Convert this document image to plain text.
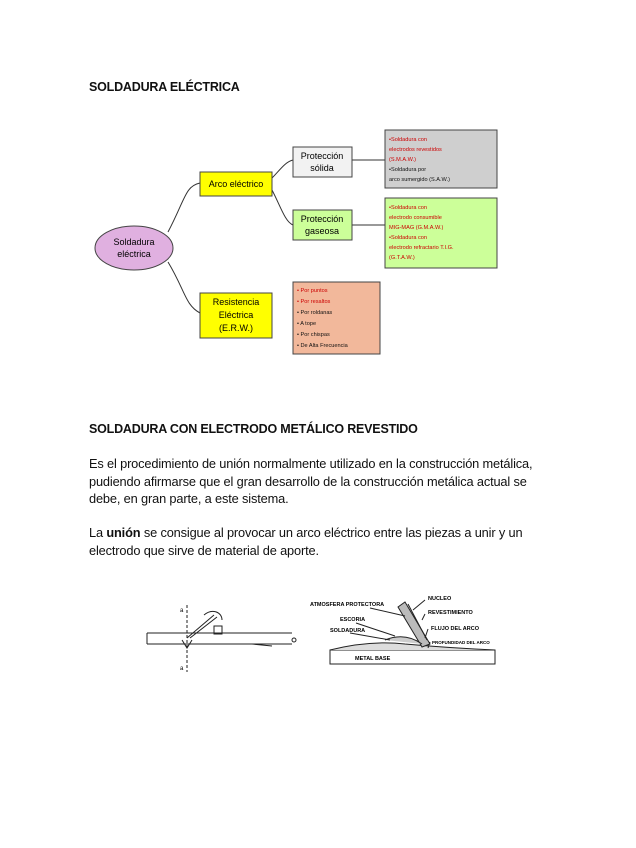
SOLDADURA ELÉCTRICA
Soldadura
eléctrica
Arco eléctrico
Resistencia
Eléctrica
(E.R.W.)
Protección
sólida
Protección
gaseosa
•Soldadura con
electrodos revestidos
(S.M.A.W.)
•Soldadura por
arco sumergido (S.A.W.)
•Soldadura con
electrodo consumible
MIG-MAG (G.M.A.W.)
•Soldadura con
electrodo refractario T.I.G.
(G.T.A.W.)
• Por puntos
• Por resaltos
• Por roldanas
• A tope
• Por chispas
• De Alta Frecuencia
SOLDADURA CON ELECTRODO METÁLICO REVESTIDO
Es el procedimiento de unión normalmente utilizado en la construcción metálica, pudiendo afirmarse que el gran desarrollo de la construcción metálica actual se debe, en gran parte, a este sistema.
La unión se consigue al provocar un arco eléctrico entre las piezas a unir y un electrodo que sirve de material de aporte.
a
a
ATMOSFERA PROTECTORA
NUCLEO
REVESTIMIENTO
ESCORIA
SOLDADURA	FLUJO DEL ARCO
PROFUNDIDAD DEL ARCO
METAL BASE
